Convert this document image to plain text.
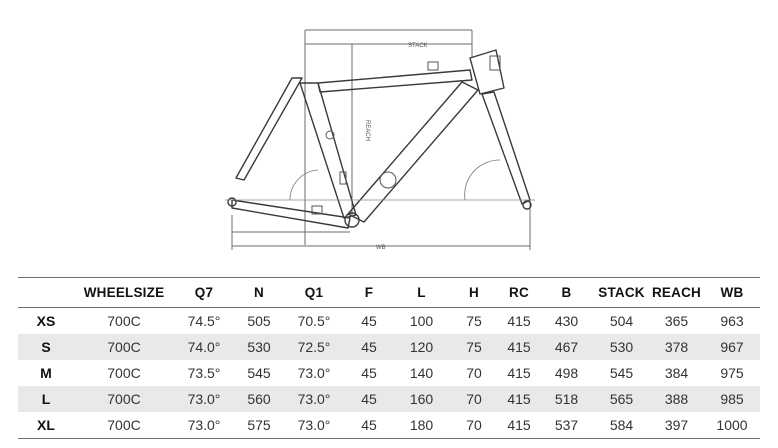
STACK
REACH
WB
	WHEELSIZE	Q7	N	Q1	F	L	H	RC	B	STACK	REACH	WB
XS	700C	74.5°	505	70.5°	45	100	75	415	430	504	365	963
S	700C	74.0°	530	72.5°	45	120	75	415	467	530	378	967
M	700C	73.5°	545	73.0°	45	140	70	415	498	545	384	975
L	700C	73.0°	560	73.0°	45	160	70	415	518	565	388	985
XL	700C	73.0°	575	73.0°	45	180	70	415	537	584	397	1000
